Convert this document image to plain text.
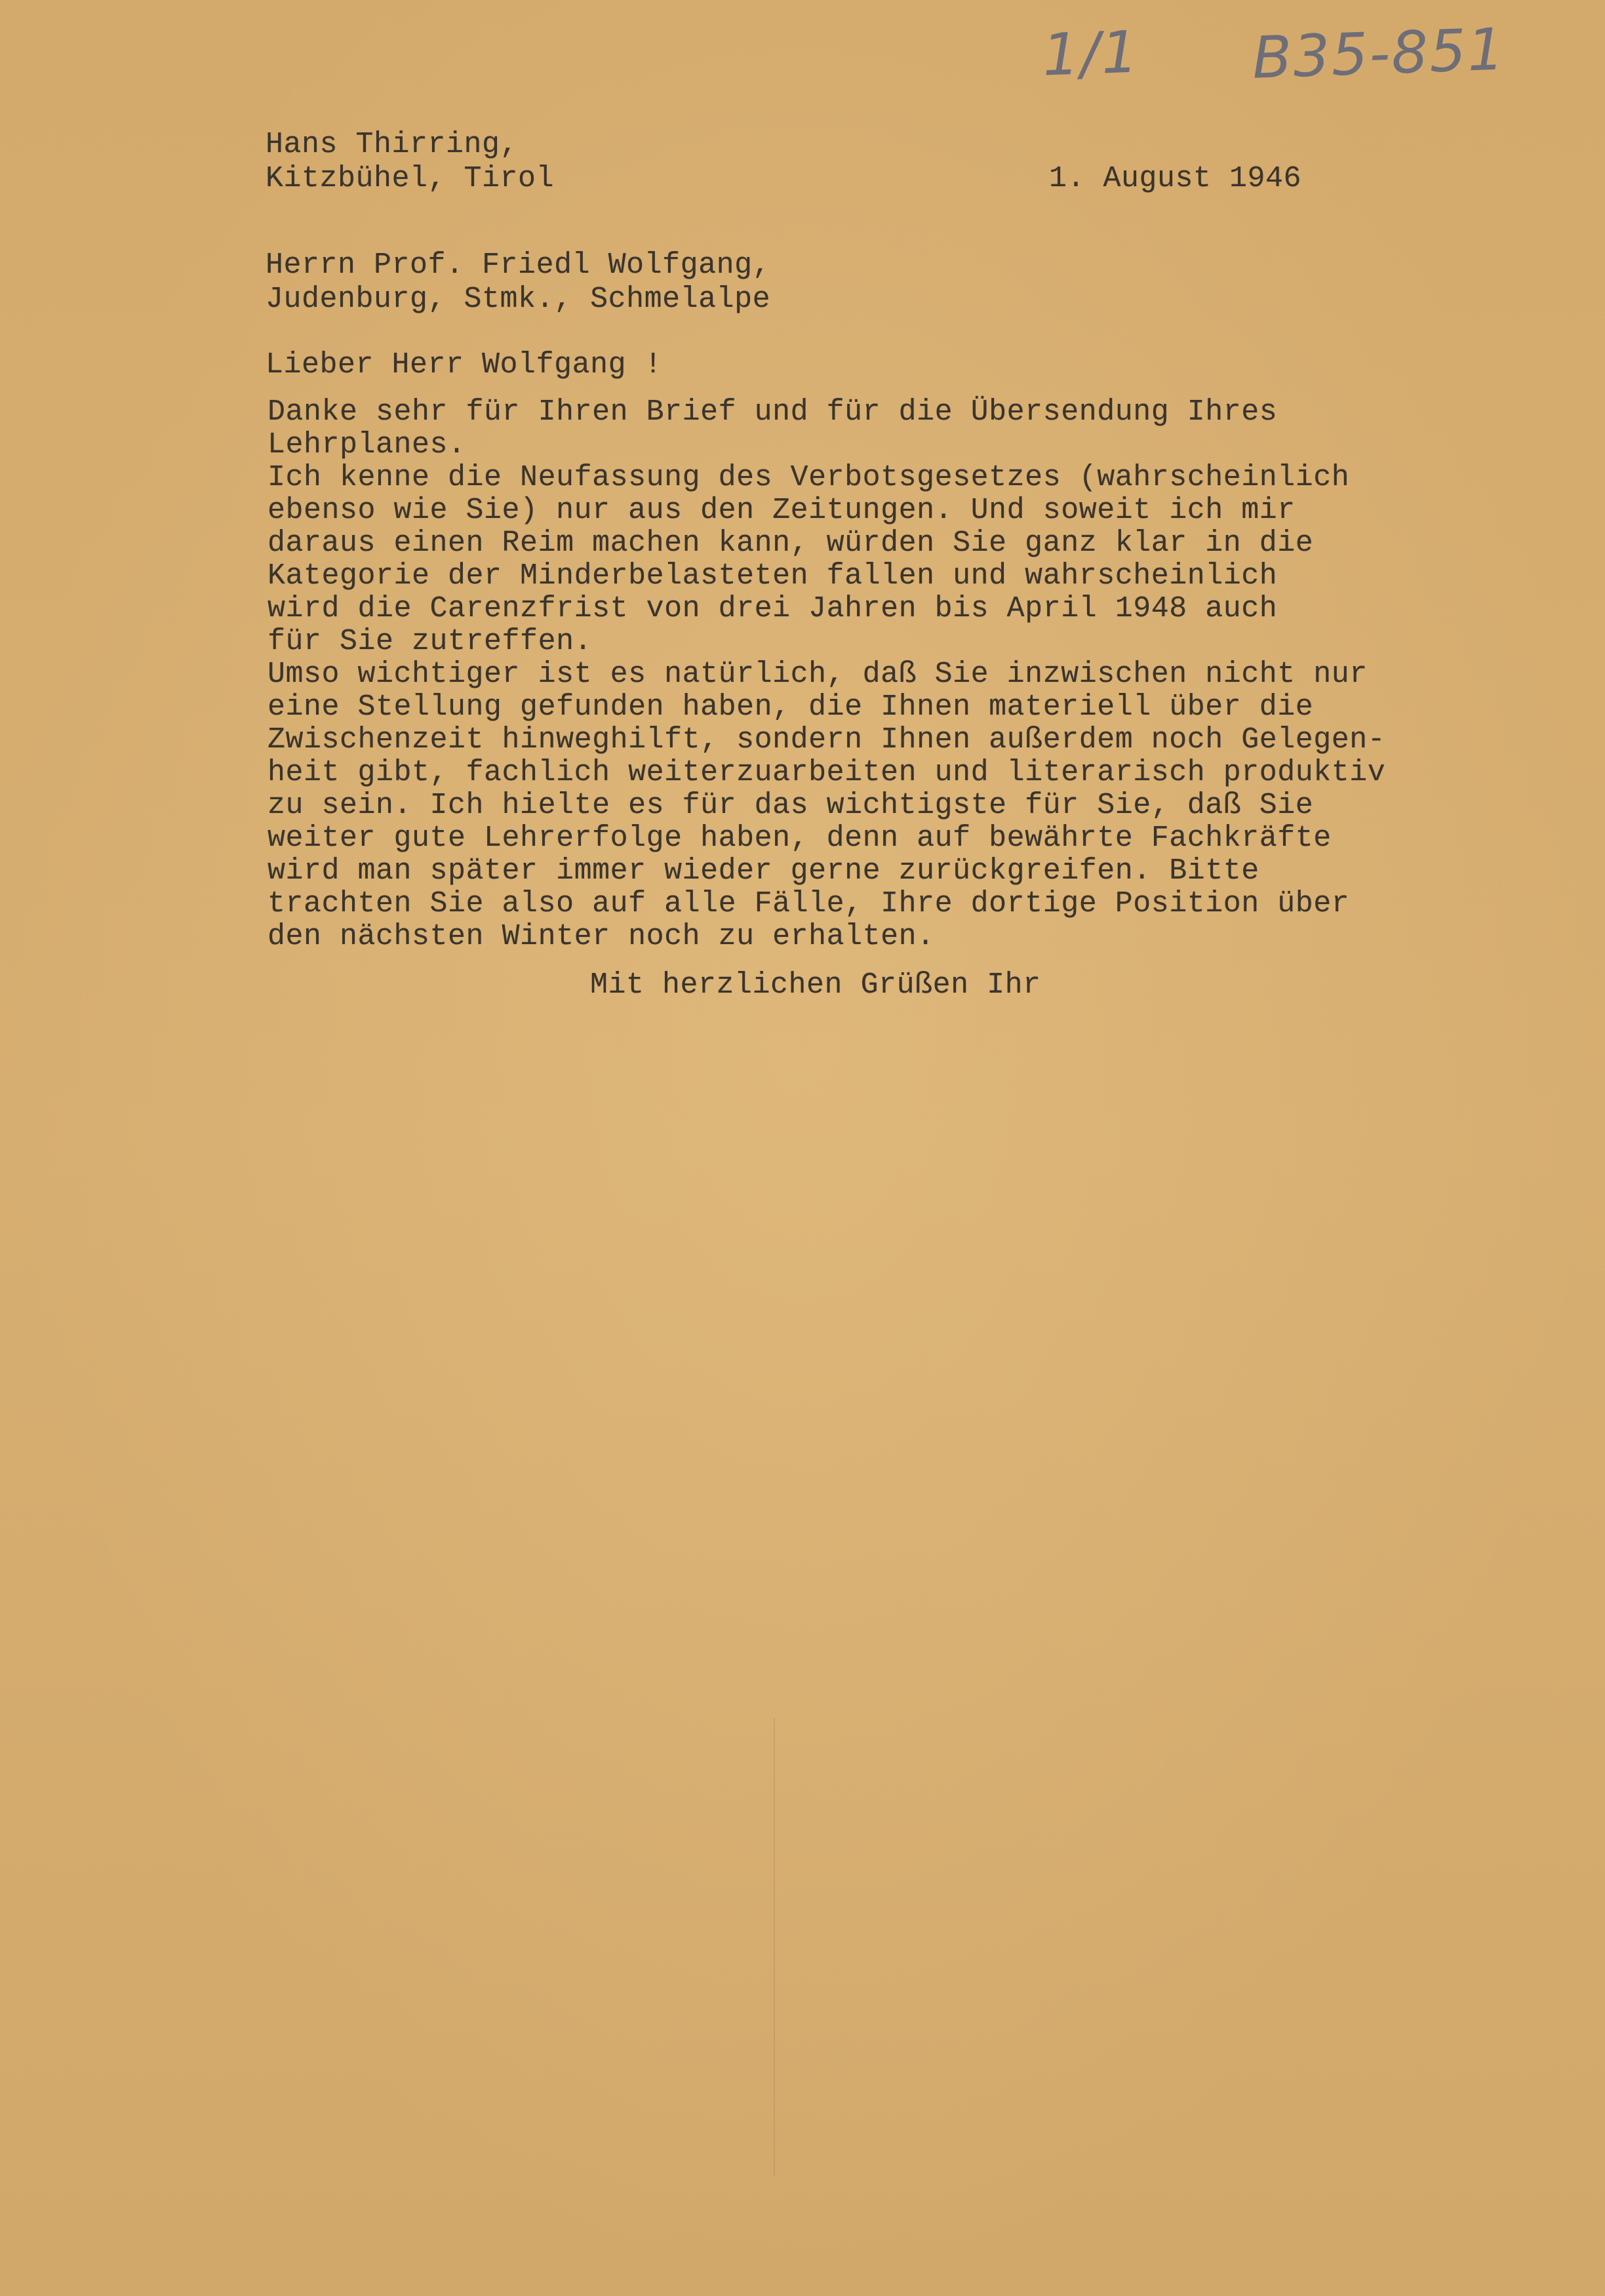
1/1 B35-851

Hans Thirring,

Kitzbühel, Tirol	1. August 1946

Herrn Prof. Friedl Wolfgang,

Judenburg, Stmk., Schmelalpe

Lieber Herr Wolfgang !

Danke sehr für Ihren Brief und für die Übersendung Ihres

Lehrplanes.

Ich kenne die Neufassung des Verbotsgesetzes (wahrscheinlich

ebenso wie Sie) nur aus den Zeitungen. Und soweit ich mir

daraus einen Reim machen kann, würden Sie ganz klar in die

Kategorie der Minderbelasteten fallen und wahrscheinlich

wird die Carenzfrist von drei Jahren bis April 1948 auch

für Sie zutreffen.

Umso wichtiger ist es natürlich, daß Sie inzwischen nicht nur

eine Stellung gefunden haben, die Ihnen materiell über die

Zwischenzeit hinweghilft, sondern Ihnen außerdem noch Gelegen-

heit gibt, fachlich weiterzuarbeiten und literarisch produktiv

zu sein. Ich hielte es für das wichtigste für Sie, daß Sie

weiter gute Lehrerfolge haben, denn auf bewährte Fachkräfte

wird man später immer wieder gerne zurückgreifen. Bitte

trachten Sie also auf alle Fälle, Ihre dortige Position über

den nächsten Winter noch zu erhalten.

Mit herzlichen Grüßen Ihr
